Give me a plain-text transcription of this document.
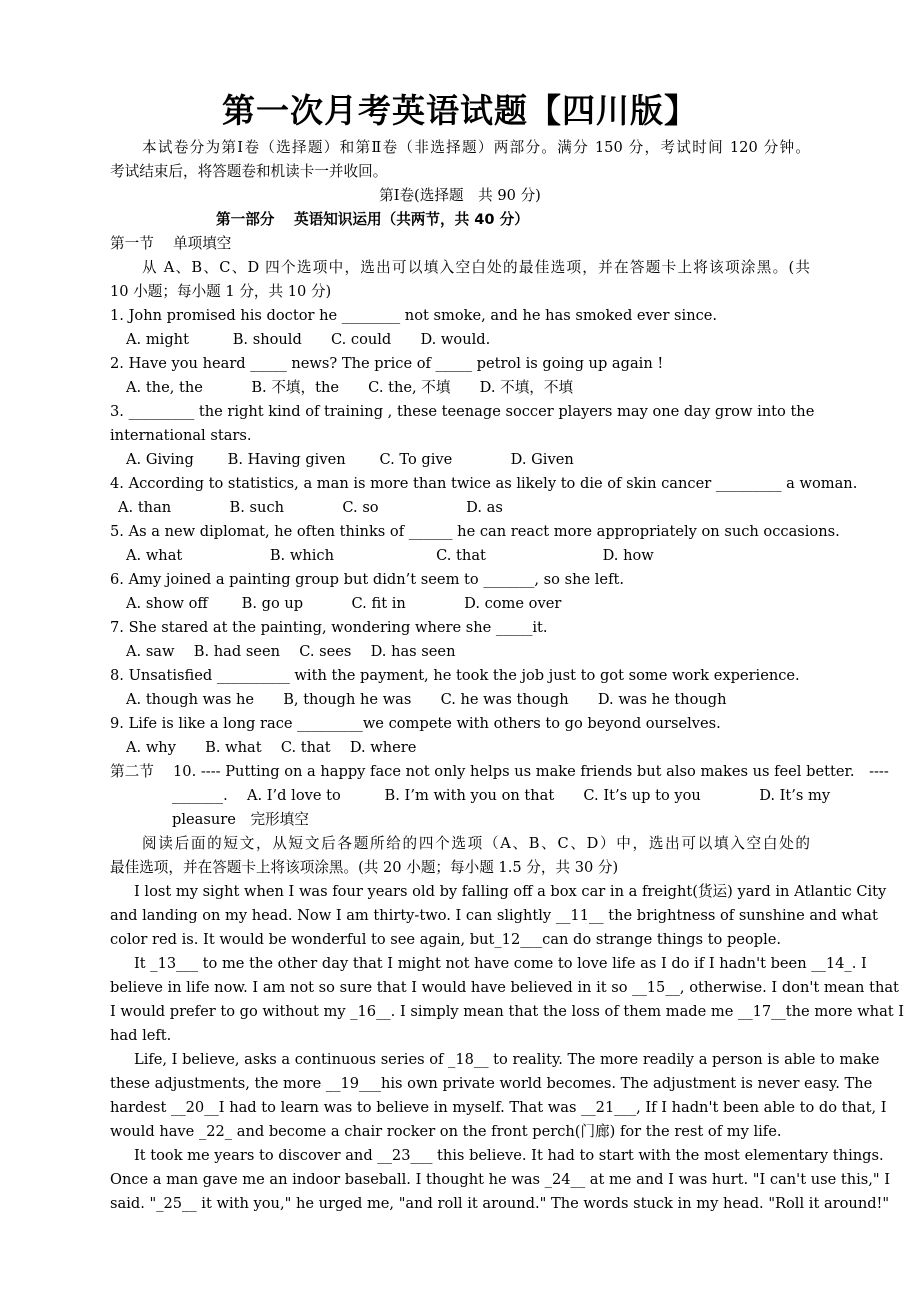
第一次月考英语试题【四川版】
本试卷分为第Ⅰ卷（选择题）和第Ⅱ卷（非选择题）两部分。满分 150 分，考试时间 120 分钟。
考试结束后，将答题卷和机读卡一并收回。
第Ⅰ卷(选择题　共 90 分)
第一部分　 英语知识运用（共两节，共 40 分）
第一节　 单项填空
从 A、B、C、D 四个选项中，选出可以填入空白处的最佳选项，并在答题卡上将该项涂黑。(共
10 小题；每小题 1 分，共 10 分)
1. John promised his doctor he ________ not smoke, and he has smoked ever since.
A. might　　　B. should　　C. could　　D. would.
2. Have you heard _____ news? The price of _____ petrol is going up again !
A. the, the　　　 B. 不填，the　　C. the, 不填　　D. 不填，不填
3. _________ the right kind of training , these teenage soccer players may one day grow into the
international stars.
A. Giving　　 B. Having given　　 C. To give　　　　D. Given
4. According to statistics, a man is more than twice as likely to die of skin cancer _________ a woman.
A. than　　　　B. such　　　　C. so　　　　　　D. as
5. As a new diplomat, he often thinks of ______ he can react more appropriately on such occasions.
A. what　　　　　　B. which　　　　　　　C. that　　　　　　　　D. how
6. Amy joined a painting group but didn’t seem to _______, so she left.
A. show off　　 B. go up　　　 C. fit in　　　　D. come over
7. She stared at the painting, wondering where she _____it.
A. saw　 B. had seen　 C. sees　 D. has seen
8. Unsatisfied __________ with the payment, he took the job just to got some work experience.
A. though was he　　B, though he was　　C. he was though　　D. was he though
9. Life is like a long race _________we compete with others to go beyond ourselves.
A. why　　B. what　 C. that　 D. where
第二节　 10. ---- Putting on a happy face not only helps us make friends but also makes us feel better.　----
_______.　 A. I’d love to　　　B. I’m with you on that　　C. It’s up to you　　　　D. It’s my
pleasure　完形填空
阅读后面的短文，从短文后各题所给的四个选项（A、B、C、D）中，选出可以填入空白处的
最佳选项，并在答题卡上将该项涂黑。(共 20 小题；每小题 1.5 分，共 30 分)
I lost my sight when I was four years old by falling off a box car in a freight(货运) yard in Atlantic City
and landing on my head. Now I am thirty-two. I can slightly __11__ the brightness of sunshine and what
color red is. It would be wonderful to see again, but_12___can do strange things to people.
It _13___ to me the other day that I might not have come to love life as I do if I hadn't been __14_. I
believe in life now. I am not so sure that I would have believed in it so __15__, otherwise. I don't mean that
I would prefer to go without my _16__. I simply mean that the loss of them made me __17__the more what I
had left.
Life, I believe, asks a continuous series of _18__ to reality. The more readily a person is able to make
these adjustments, the more __19___his own private world becomes. The adjustment is never easy. The
hardest __20__I had to learn was to believe in myself. That was __21___, If I hadn't been able to do that, I
would have _22_ and become a chair rocker on the front perch(门廊) for the rest of my life.
It took me years to discover and __23___ this believe. It had to start with the most elementary things.
Once a man gave me an indoor baseball. I thought he was _24__ at me and I was hurt. "I can't use this," I
said. "_25__ it with you," he urged me, "and roll it around." The words stuck in my head. "Roll it around!"
